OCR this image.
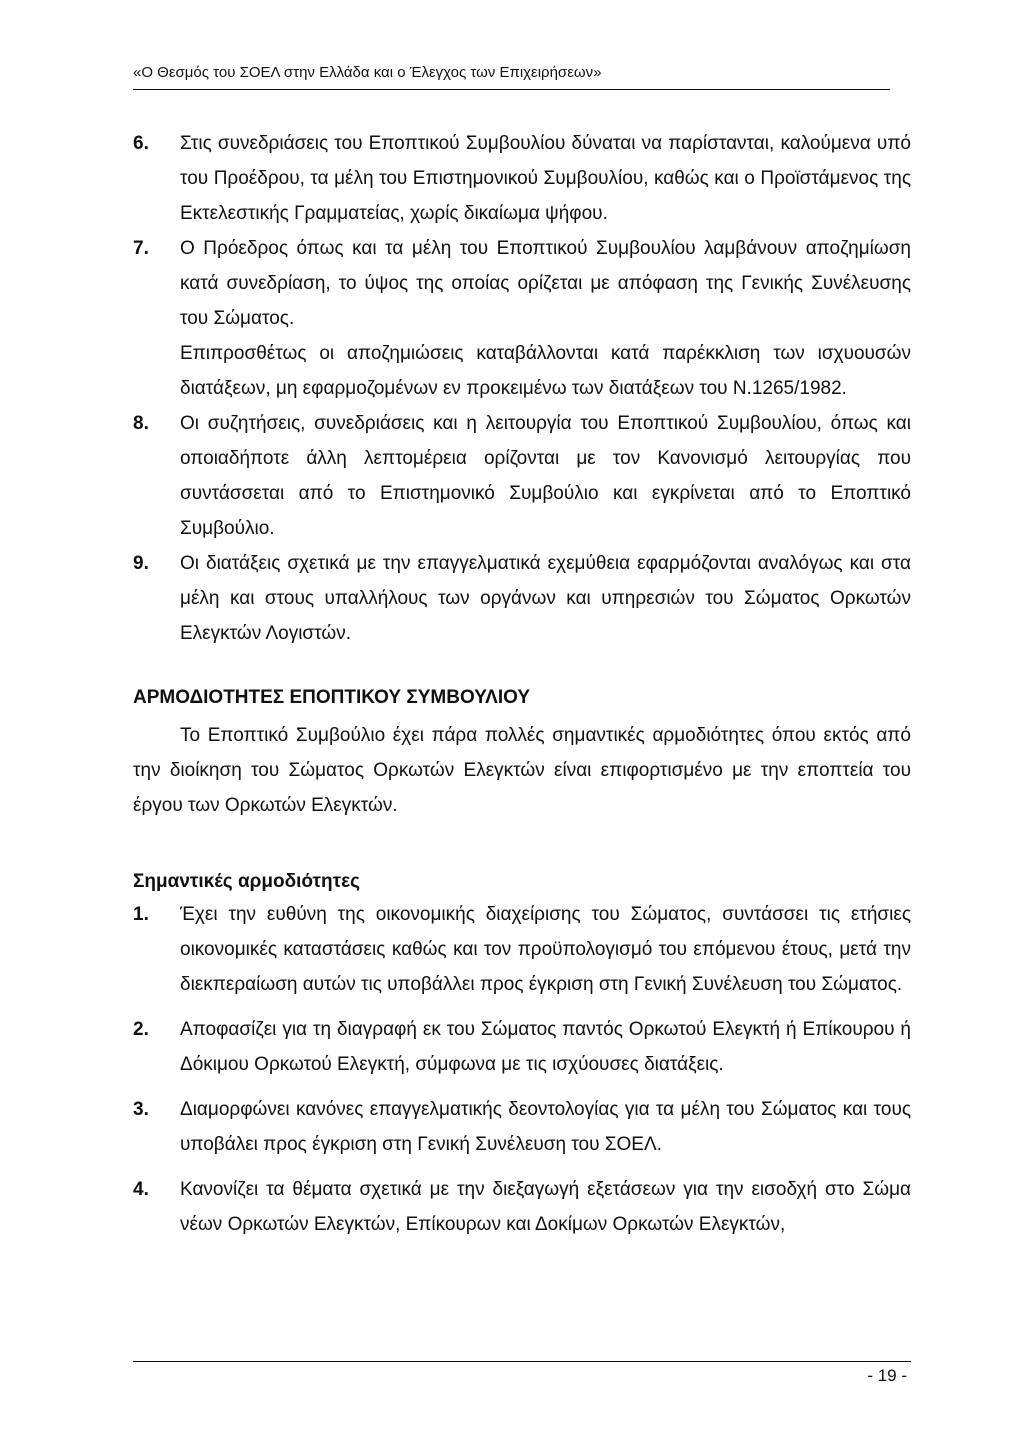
«Ο Θεσμός του ΣΟΕΛ στην Ελλάδα και ο Έλεγχος των Επιχειρήσεων»
6. Στις συνεδριάσεις του Εποπτικού Συμβουλίου δύναται να παρίστανται, καλούμενα υπό του Προέδρου, τα μέλη του Επιστημονικού Συμβουλίου, καθώς και ο Προϊστάμενος της Εκτελεστικής Γραμματείας, χωρίς δικαίωμα ψήφου.

7. Ο Πρόεδρος όπως και τα μέλη του Εποπτικού Συμβουλίου λαμβάνουν αποζημίωση κατά συνεδρίαση, το ύψος της οποίας ορίζεται με απόφαση της Γενικής Συνέλευσης του Σώματος.

Επιπροσθέτως οι αποζημιώσεις καταβάλλονται κατά παρέκκλιση των ισχυουσών διατάξεων, μη εφαρμοζομένων εν προκειμένω των διατάξεων του Ν.1265/1982.

8. Οι συζητήσεις, συνεδριάσεις και η λειτουργία του Εποπτικού Συμβουλίου, όπως και οποιαδήποτε άλλη λεπτομέρεια ορίζονται με τον Κανονισμό λειτουργίας που συντάσσεται από το Επιστημονικό Συμβούλιο και εγκρίνεται από το Εποπτικό Συμβούλιο.

9. Οι διατάξεις σχετικά με την επαγγελματικά εχεμύθεια εφαρμόζονται αναλόγως και στα μέλη και στους υπαλλήλους των οργάνων και υπηρεσιών του Σώματος Ορκωτών Ελεγκτών Λογιστών.

ΑΡΜΟΔΙΟΤΗΤΕΣ ΕΠΟΠΤΙΚΟΥ ΣΥΜΒΟΥΛΙΟΥ

Το Εποπτικό Συμβούλιο έχει πάρα πολλές σημαντικές αρμοδιότητες όπου εκτός από την διοίκηση του Σώματος Ορκωτών Ελεγκτών είναι επιφορτισμένο με την εποπτεία του έργου των Ορκωτών Ελεγκτών.

Σημαντικές αρμοδιότητες
1. Έχει την ευθύνη της οικονομικής διαχείρισης του Σώματος, συντάσσει τις ετήσιες οικονομικές καταστάσεις καθώς και τον προϋπολογισμό του επόμενου έτους, μετά την διεκπεραίωση αυτών τις υποβάλλει προς έγκριση στη Γενική Συνέλευση του Σώματος.

2. Αποφασίζει για τη διαγραφή εκ του Σώματος παντός Ορκωτού Ελεγκτή ή Επίκουρου ή Δόκιμου Ορκωτού Ελεγκτή, σύμφωνα με τις ισχύουσες διατάξεις.

3. Διαμορφώνει κανόνες επαγγελματικής δεοντολογίας για τα μέλη του Σώματος και τους υποβάλει προς έγκριση στη Γενική Συνέλευση του ΣΟΕΛ.

4. Κανονίζει τα θέματα σχετικά με την διεξαγωγή εξετάσεων για την εισοδχή στο Σώμα νέων Ορκωτών Ελεγκτών, Επίκουρων και Δοκίμων Ορκωτών Ελεγκτών,

- 19 -
